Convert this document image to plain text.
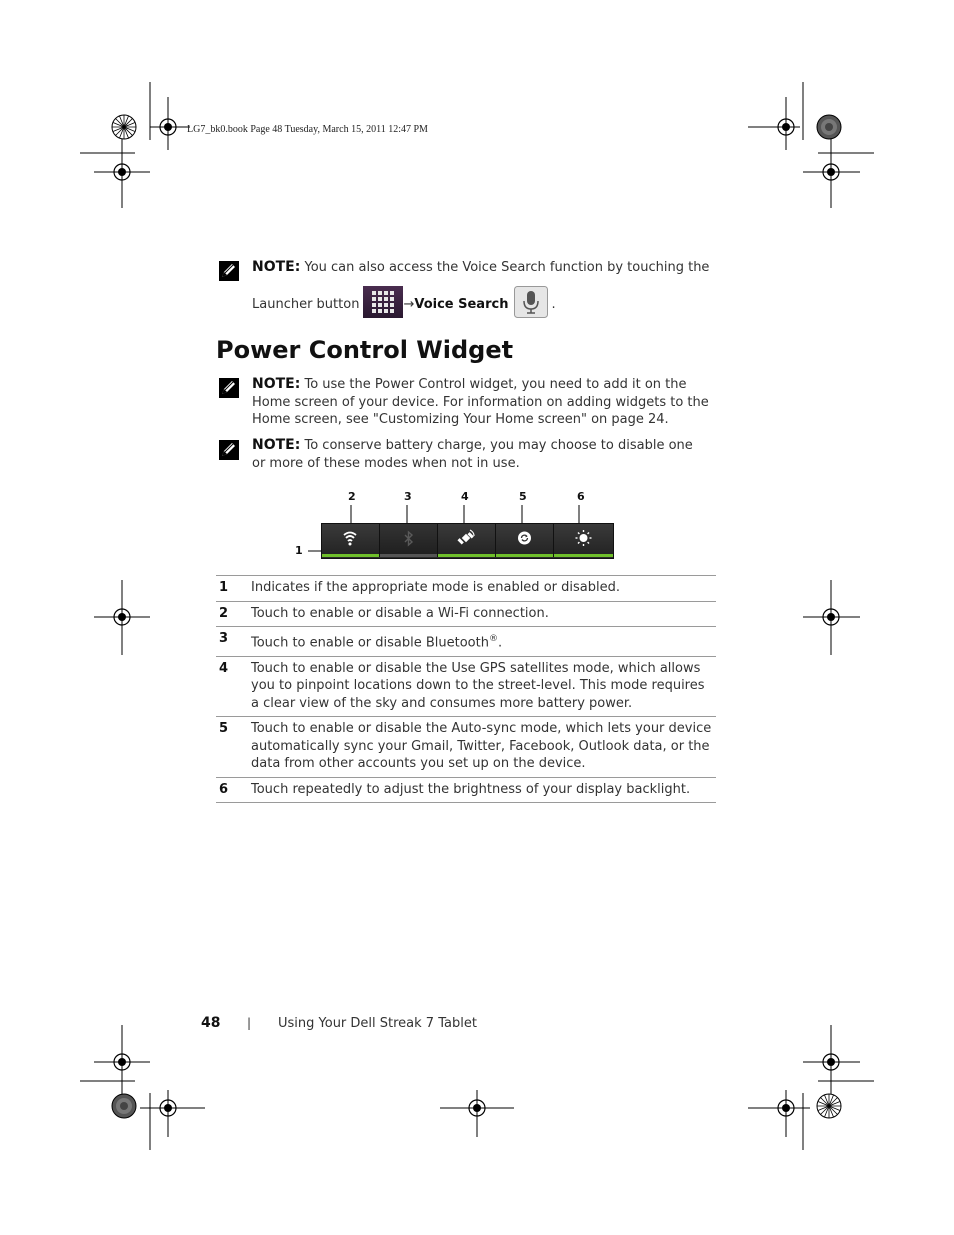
LG7_bk0.book Page 48 Tuesday, March 15, 2011 12:47 PM
NOTE: You can also access the Voice Search function by touching the
Launcher button	→ Voice Search	.
Power Control Widget
NOTE: To use the Power Control widget, you need to add it on the Home screen of your device. For information on adding widgets to the Home screen, see "Customizing Your Home screen" on page 24.
NOTE: To conserve battery charge, you may choose to disable one or more of these modes when not in use.
2	3	4	5	6
1
1	Indicates if the appropriate mode is enabled or disabled.
2	Touch to enable or disable a Wi-Fi connection.
3	Touch to enable or disable Bluetooth®.
4	Touch to enable or disable the Use GPS satellites mode, which allows you to pinpoint locations down to the street-level. This mode requires a clear view of the sky and consumes more battery power.
5	Touch to enable or disable the Auto-sync mode, which lets your device automatically sync your Gmail, Twitter, Facebook, Outlook data, or the data from other accounts you set up on the device.
6	Touch repeatedly to adjust the brightness of your display backlight.
48 | Using Your Dell Streak 7 Tablet
